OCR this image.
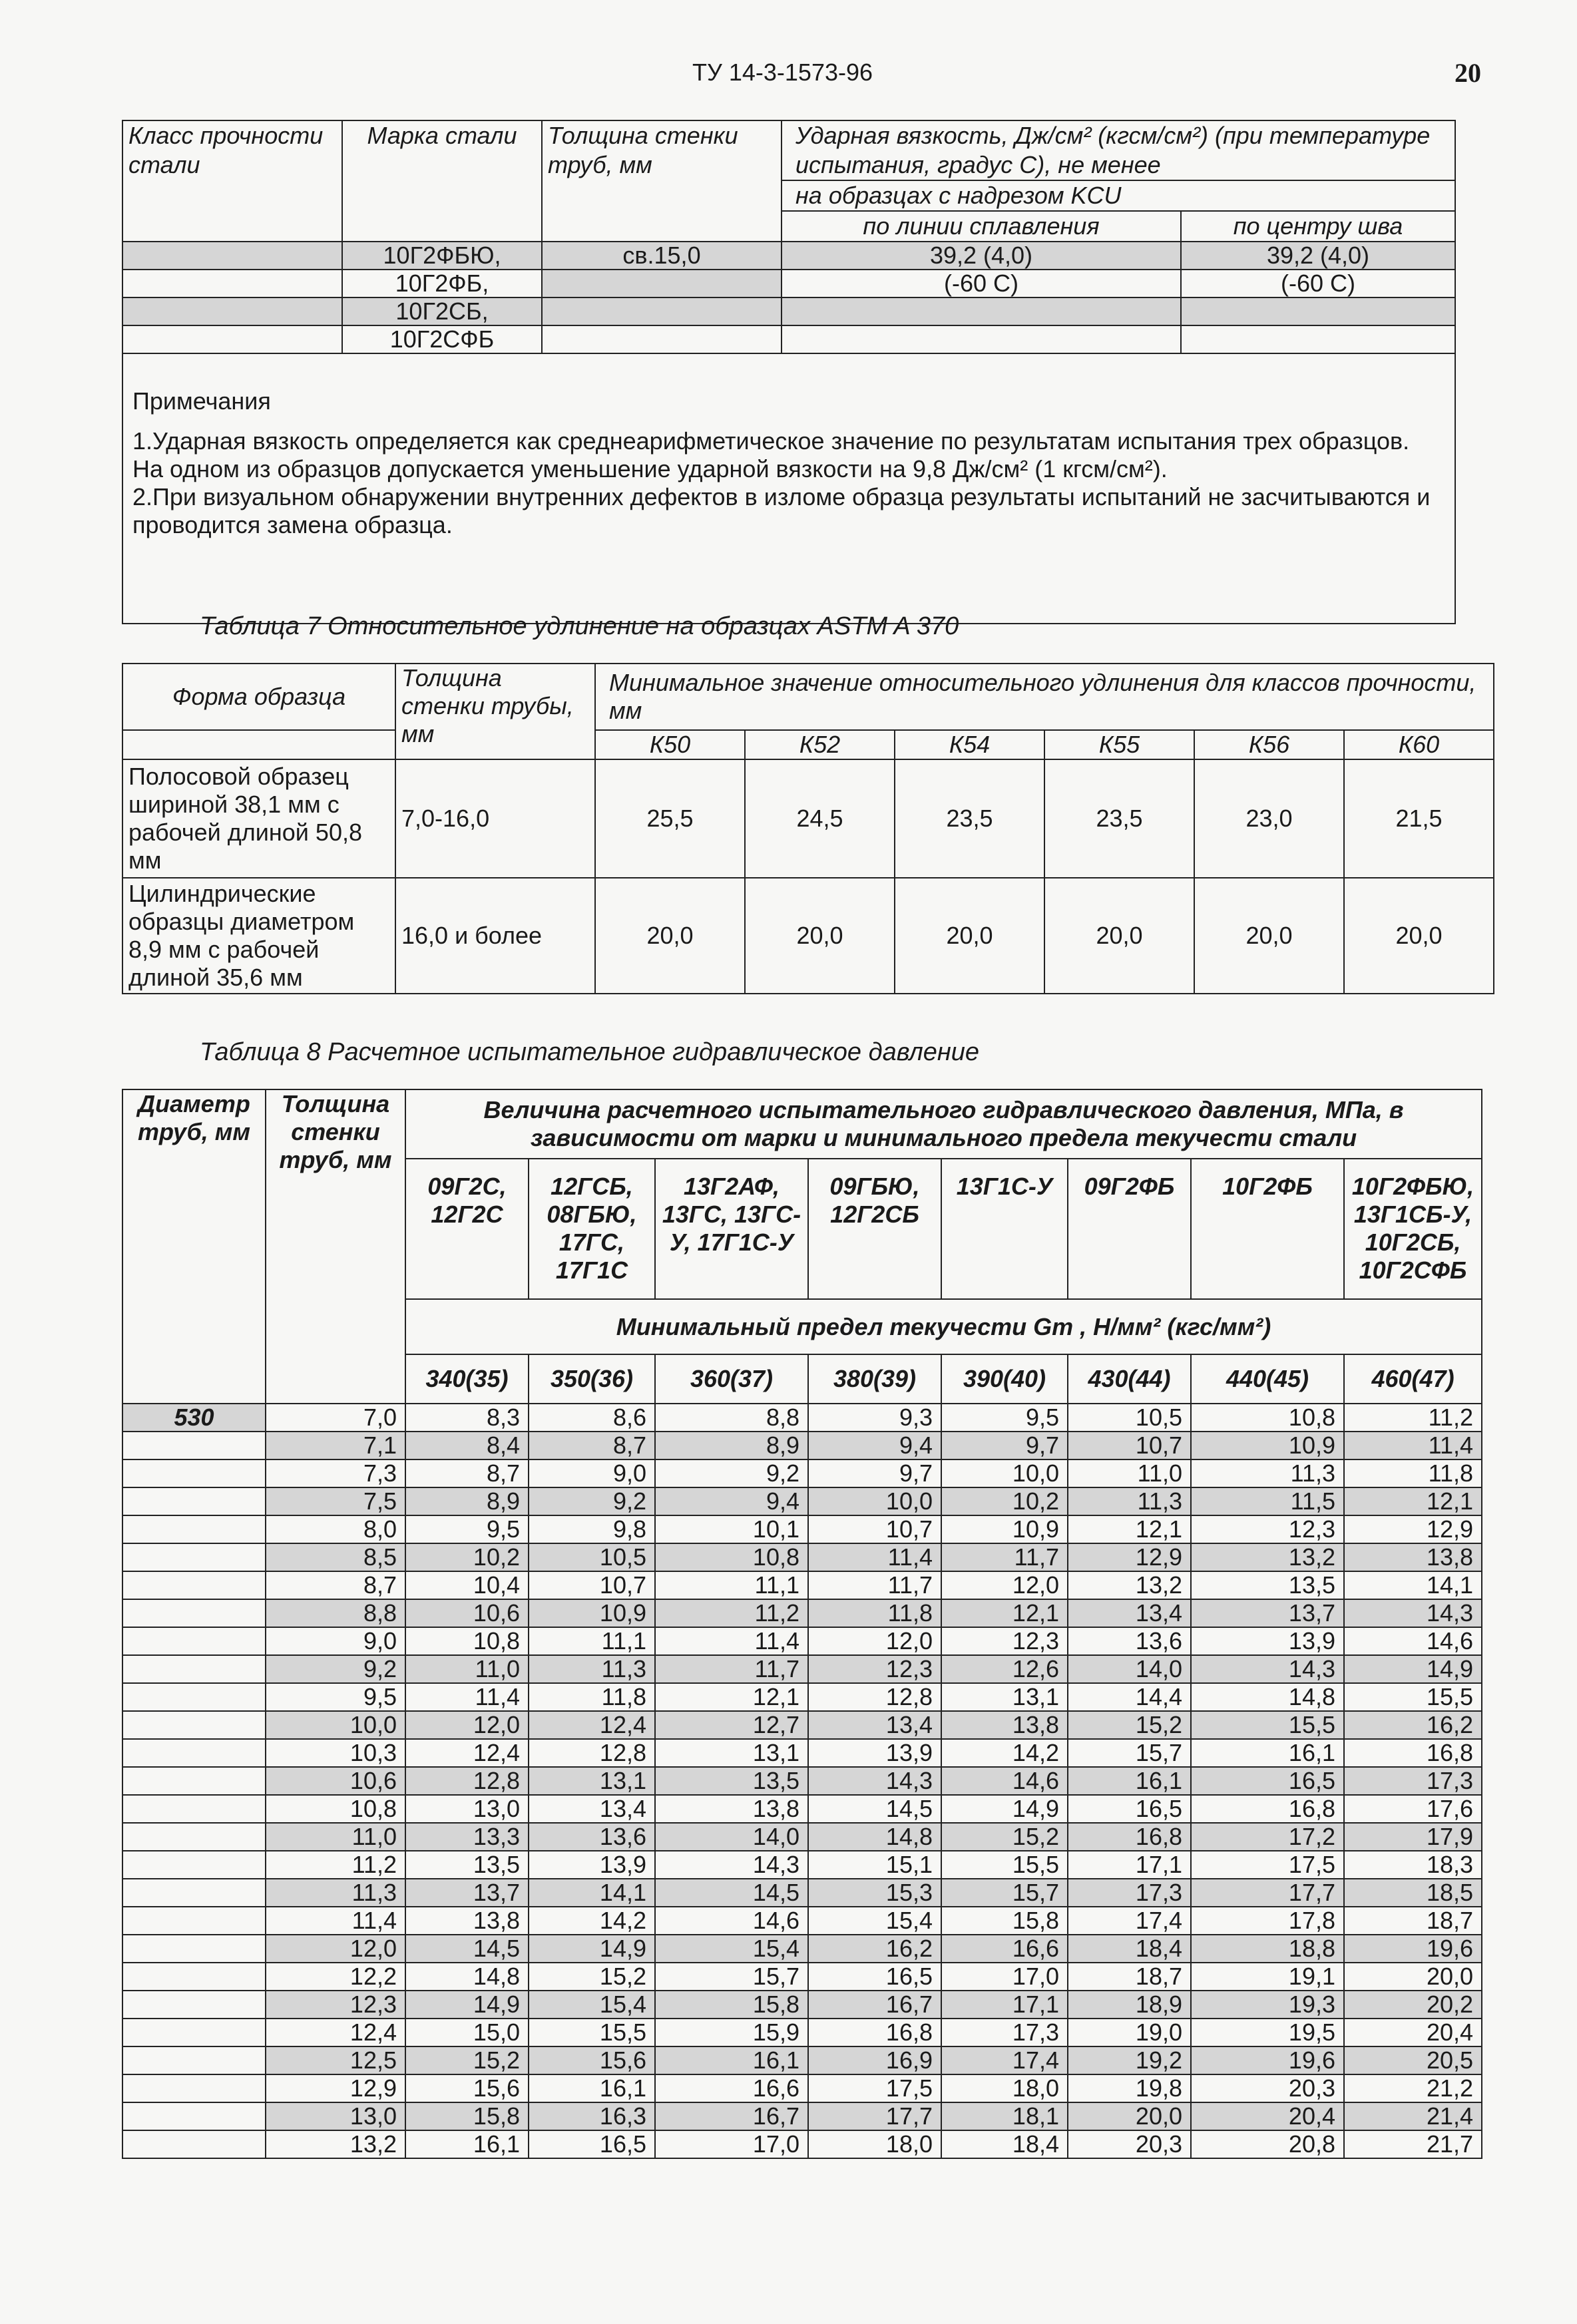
ТУ 14-3-1573-96	20
Класс прочности стали	Марка стали	Толщина стенки труб, мм	Ударная вязкость, Дж/см² (кгсм/см²) (при температуре испытания, градус С), не менее	
			на образцах с надрезом KCU	
			по линии сплавления	по центру шва
	10Г2ФБЮ,	св.15,0	39,2 (4,0)	39,2 (4,0)
	10Г2ФБ,		(-60 С)	(-60 С)
	10Г2СБ,			
	10Г2СФБ			

Примечания
1.Ударная вязкость определяется как среднеарифметическое значение по результатам испытания трех образцов. На одном из образцов допускается уменьшение ударной вязкости на 9,8 Дж/см² (1 кгсм/см²).
2.При визуальном обнаружении внутренних дефектов в изломе образца результаты испытаний не засчитываются и проводится замена образца.				
Таблица 7 Относительное удлинение на образцах ASTM A 370
Форма образца	Толщина стенки трубы, мм	Минимальное значение относительного удлинения для классов прочности, мм					

		К50	К52	К54	К55	К56	К60
Полосовой образец шириной 38,1 мм с рабочей длиной 50,8 мм	7,0-16,0	25,5	24,5	23,5	23,5	23,0	21,5
Цилиндрические образцы диаметром 8,9 мм с рабочей длиной 35,6 мм	16,0 и более	20,0	20,0	20,0	20,0	20,0	20,0
Таблица 8 Расчетное испытательное гидравлическое давление
Диаметр труб, мм	Толщина стенки труб, мм	Величина расчетного испытательного гидравлического давления, МПа, в зависимости от марки и минимального предела текучести стали							
		09Г2С, 12Г2С	12ГСБ, 08ГБЮ, 17ГС, 17Г1С	13Г2АФ, 13ГС, 13ГС-У, 17Г1С-У	09ГБЮ, 12Г2СБ	13Г1С-У	09Г2ФБ	10Г2ФБ	10Г2ФБЮ, 13Г1СБ-У, 10Г2СБ, 10Г2СФБ
		Минимальный предел текучести Gm , Н/мм² (кгс/мм²)							
		340(35)	350(36)	360(37)	380(39)	390(40)	430(44)	440(45)	460(47)
530	7,0	8,3	8,6	8,8	9,3	9,5	10,5	10,8	11,2
	7,1	8,4	8,7	8,9	9,4	9,7	10,7	10,9	11,4
	7,3	8,7	9,0	9,2	9,7	10,0	11,0	11,3	11,8
	7,5	8,9	9,2	9,4	10,0	10,2	11,3	11,5	12,1
	8,0	9,5	9,8	10,1	10,7	10,9	12,1	12,3	12,9
	8,5	10,2	10,5	10,8	11,4	11,7	12,9	13,2	13,8
	8,7	10,4	10,7	11,1	11,7	12,0	13,2	13,5	14,1
	8,8	10,6	10,9	11,2	11,8	12,1	13,4	13,7	14,3
	9,0	10,8	11,1	11,4	12,0	12,3	13,6	13,9	14,6
	9,2	11,0	11,3	11,7	12,3	12,6	14,0	14,3	14,9
	9,5	11,4	11,8	12,1	12,8	13,1	14,4	14,8	15,5
	10,0	12,0	12,4	12,7	13,4	13,8	15,2	15,5	16,2
	10,3	12,4	12,8	13,1	13,9	14,2	15,7	16,1	16,8
	10,6	12,8	13,1	13,5	14,3	14,6	16,1	16,5	17,3
	10,8	13,0	13,4	13,8	14,5	14,9	16,5	16,8	17,6
	11,0	13,3	13,6	14,0	14,8	15,2	16,8	17,2	17,9
	11,2	13,5	13,9	14,3	15,1	15,5	17,1	17,5	18,3
	11,3	13,7	14,1	14,5	15,3	15,7	17,3	17,7	18,5
	11,4	13,8	14,2	14,6	15,4	15,8	17,4	17,8	18,7
	12,0	14,5	14,9	15,4	16,2	16,6	18,4	18,8	19,6
	12,2	14,8	15,2	15,7	16,5	17,0	18,7	19,1	20,0
	12,3	14,9	15,4	15,8	16,7	17,1	18,9	19,3	20,2
	12,4	15,0	15,5	15,9	16,8	17,3	19,0	19,5	20,4
	12,5	15,2	15,6	16,1	16,9	17,4	19,2	19,6	20,5
	12,9	15,6	16,1	16,6	17,5	18,0	19,8	20,3	21,2
	13,0	15,8	16,3	16,7	17,7	18,1	20,0	20,4	21,4
	13,2	16,1	16,5	17,0	18,0	18,4	20,3	20,8	21,7
